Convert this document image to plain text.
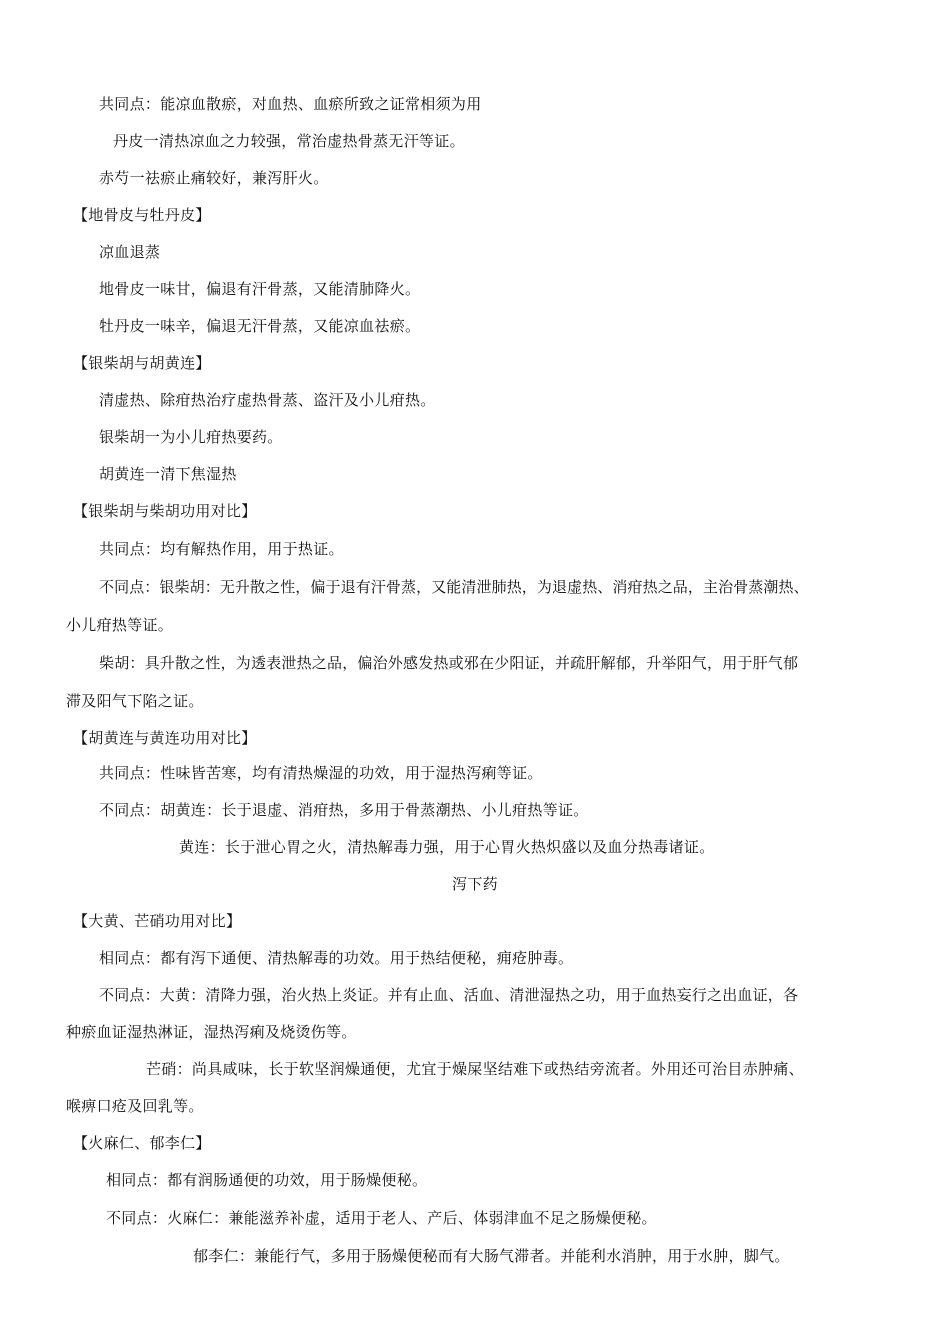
共同点：能凉血散瘀，对血热、血瘀所致之证常相须为用

丹皮一清热凉血之力较强，常治虚热骨蒸无汗等证。

赤芍一祛瘀止痛较好，兼泻肝火。

【地骨皮与牡丹皮】

凉血退蒸

地骨皮一味甘，偏退有汗骨蒸，又能清肺降火。

牡丹皮一味辛，偏退无汗骨蒸，又能凉血祛瘀。

【银柴胡与胡黄连】

清虚热、除疳热治疗虚热骨蒸、盗汗及小儿疳热。

银柴胡一为小儿疳热要药。

胡黄连一清下焦湿热

【银柴胡与柴胡功用对比】

共同点：均有解热作用，用于热证。

不同点：银柴胡：无升散之性，偏于退有汗骨蒸，又能清泄肺热，为退虚热、消疳热之品，主治骨蒸潮热、

小儿疳热等证。

柴胡：具升散之性，为透表泄热之品，偏治外感发热或邪在少阳证，并疏肝解郁，升举阳气，用于肝气郁

滞及阳气下陷之证。

【胡黄连与黄连功用对比】

共同点：性味皆苦寒，均有清热燥湿的功效，用于湿热泻痢等证。

不同点：胡黄连：长于退虚、消疳热，多用于骨蒸潮热、小儿疳热等证。

黄连：长于泄心胃之火，清热解毒力强，用于心胃火热炽盛以及血分热毒诸证。

泻下药

【大黄、芒硝功用对比】

相同点：都有泻下通便、清热解毒的功效。用于热结便秘，痈疮肿毒。

不同点：大黄：清降力强，治火热上炎证。并有止血、活血、清泄湿热之功，用于血热妄行之出血证，各

种瘀血证湿热淋证，湿热泻痢及烧烫伤等。

芒硝：尚具咸味，长于软坚润燥通便，尤宜于燥屎坚结难下或热结旁流者。外用还可治目赤肿痛、

喉痹口疮及回乳等。

【火麻仁、郁李仁】

相同点：都有润肠通便的功效，用于肠燥便秘。

不同点：火麻仁：兼能滋养补虚，适用于老人、产后、体弱津血不足之肠燥便秘。

郁李仁：兼能行气，多用于肠燥便秘而有大肠气滞者。并能利水消肿，用于水肿，脚气。
